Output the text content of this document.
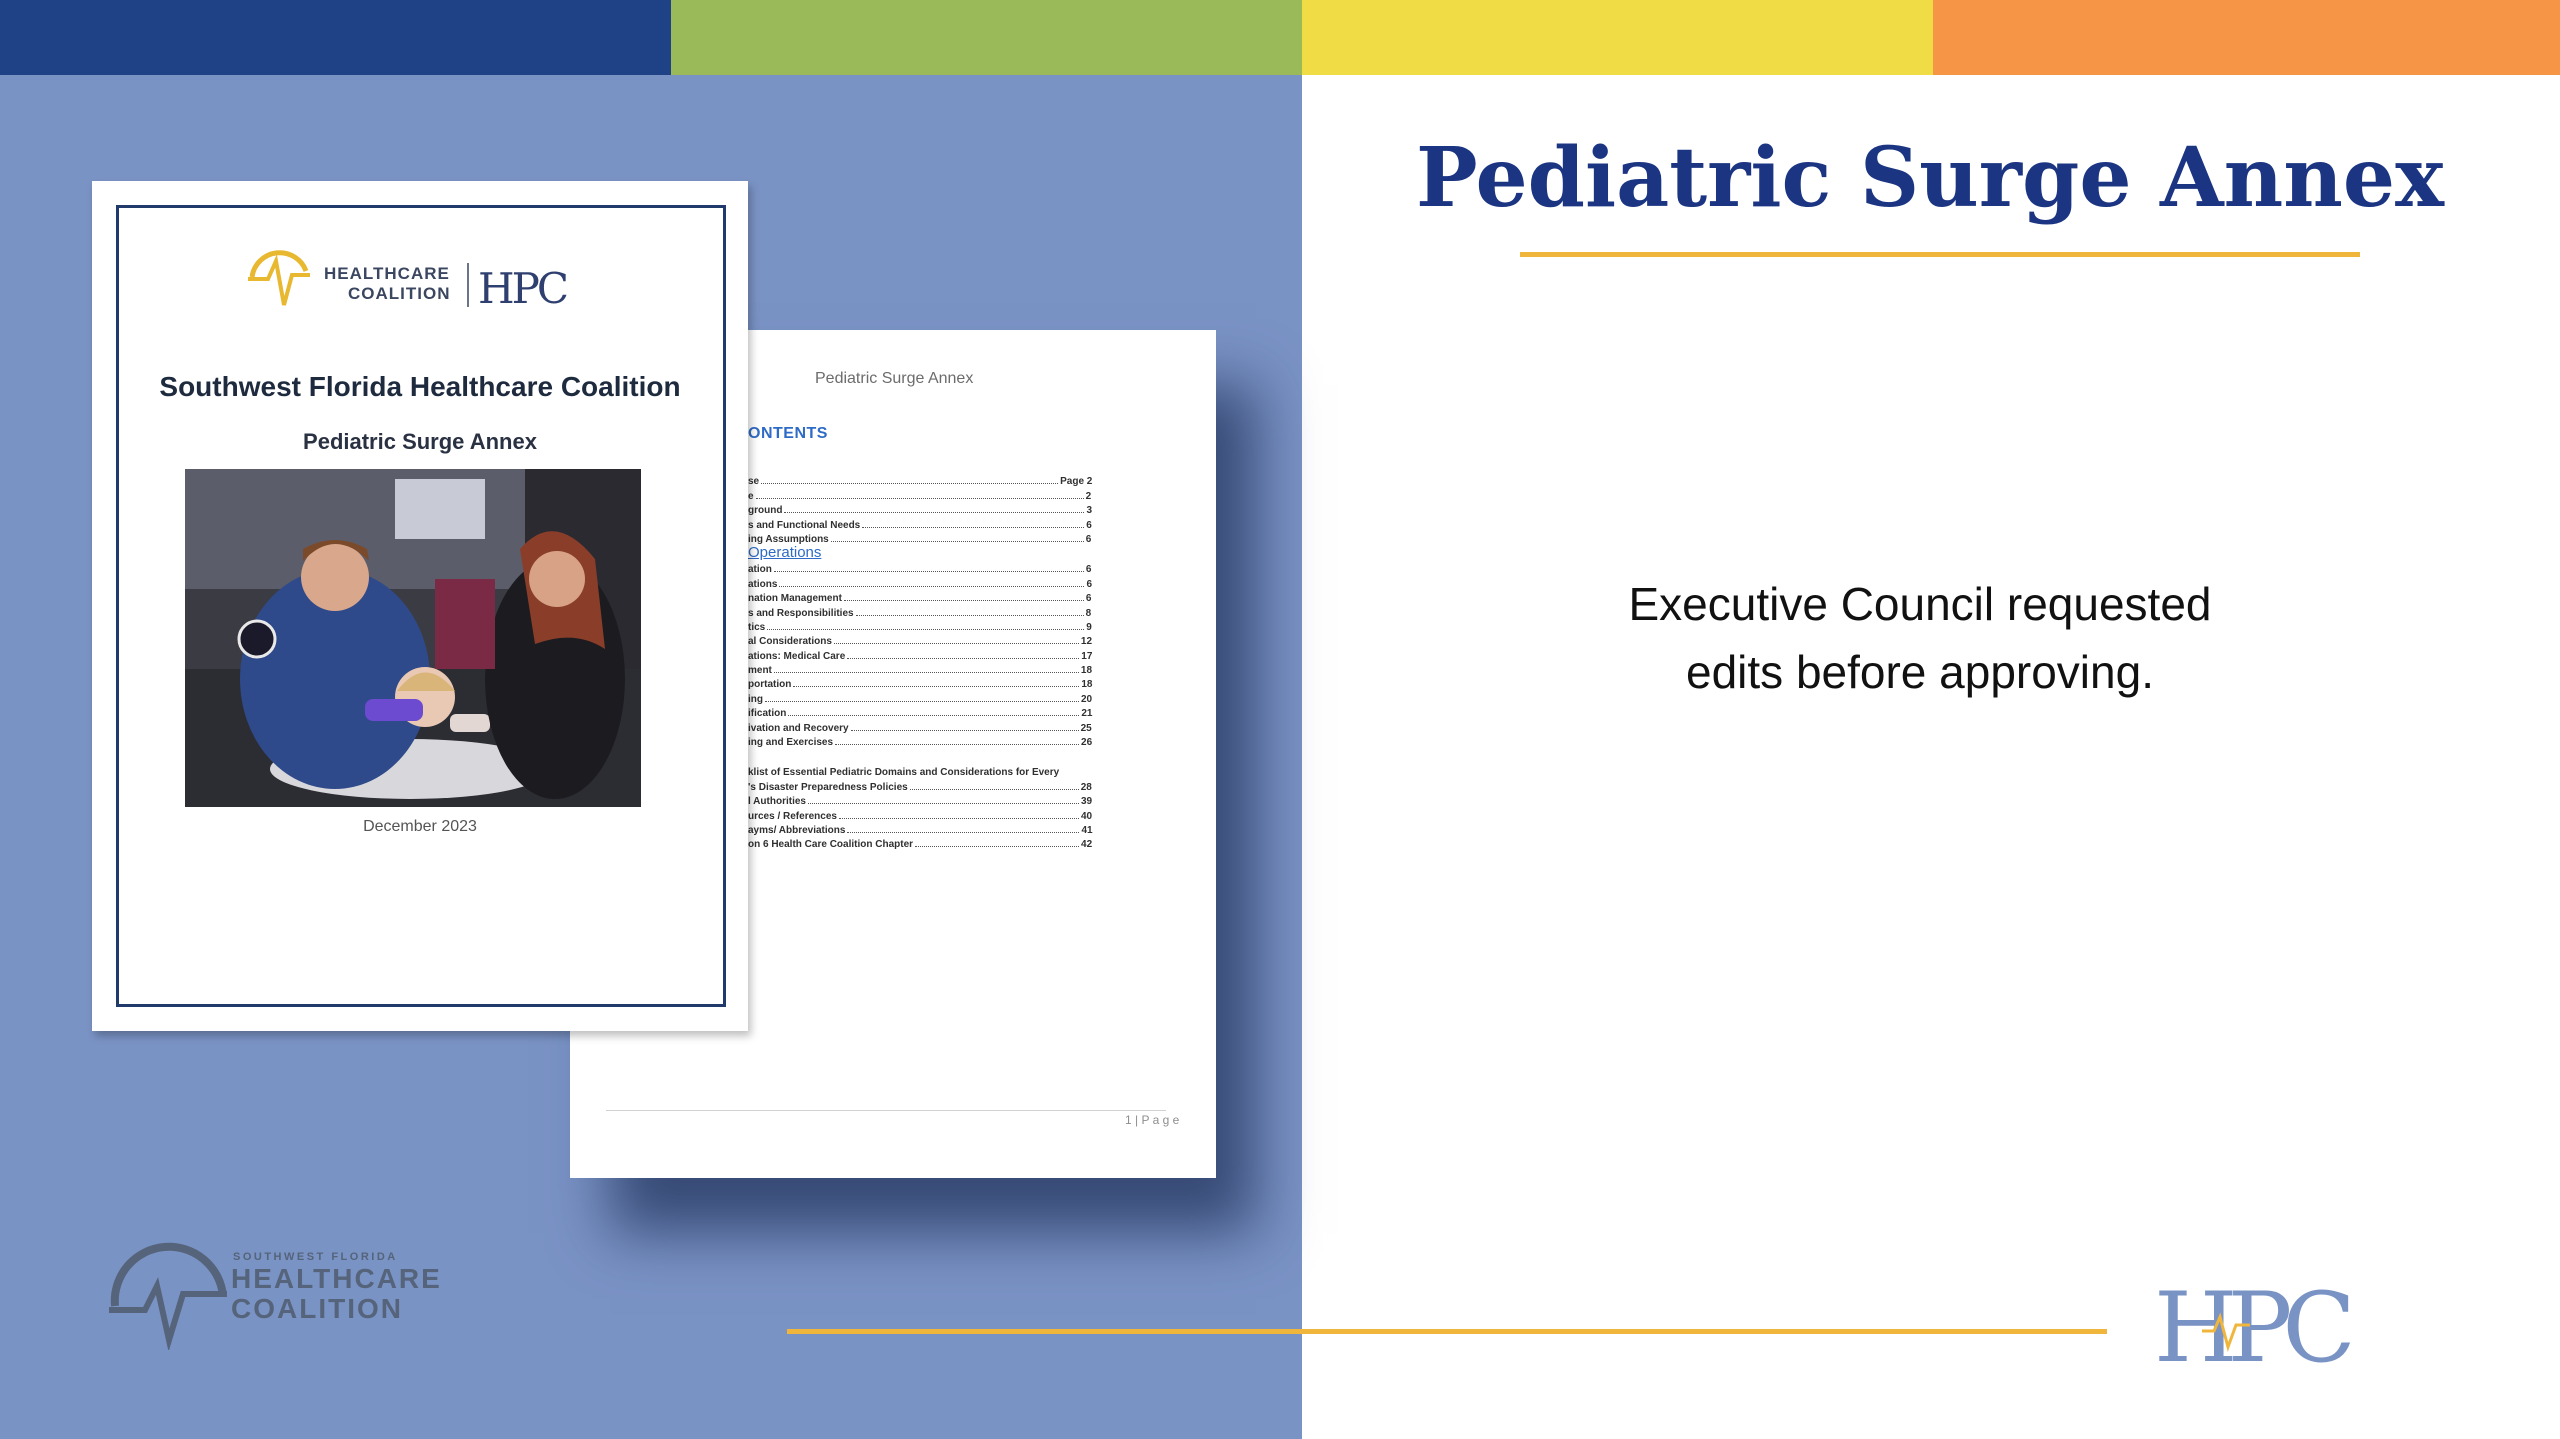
Pediatric Surge Annex
ONTENTS
se	Page 2
e	2
ground	3
s and Functional Needs	6
ing Assumptions	6
Operations
ation	6
ations	6
nation Management	6
s and Responsibilities	8
tics	9
al Considerations	12
ations: Medical Care	17
ment	18
portation	18
ing	20
ification	21
ivation and Recovery	25
ing and Exercises	26
klist of Essential Pediatric Domains and Considerations for Every
's Disaster Preparedness Policies	28
l Authorities	39
urces / References	40
ayms/ Abbreviations	41
on 6 Health Care Coalition Chapter	42
1 | P a g e
HEALTHCARE
COALITION HPC
Southwest Florida Healthcare Coalition
Pediatric Surge Annex
December 2023
Pediatric Surge Annex
Executive Council requested
edits before approving.
SOUTHWEST FLORIDA
HEALTHCARE
COALITION	HPC
